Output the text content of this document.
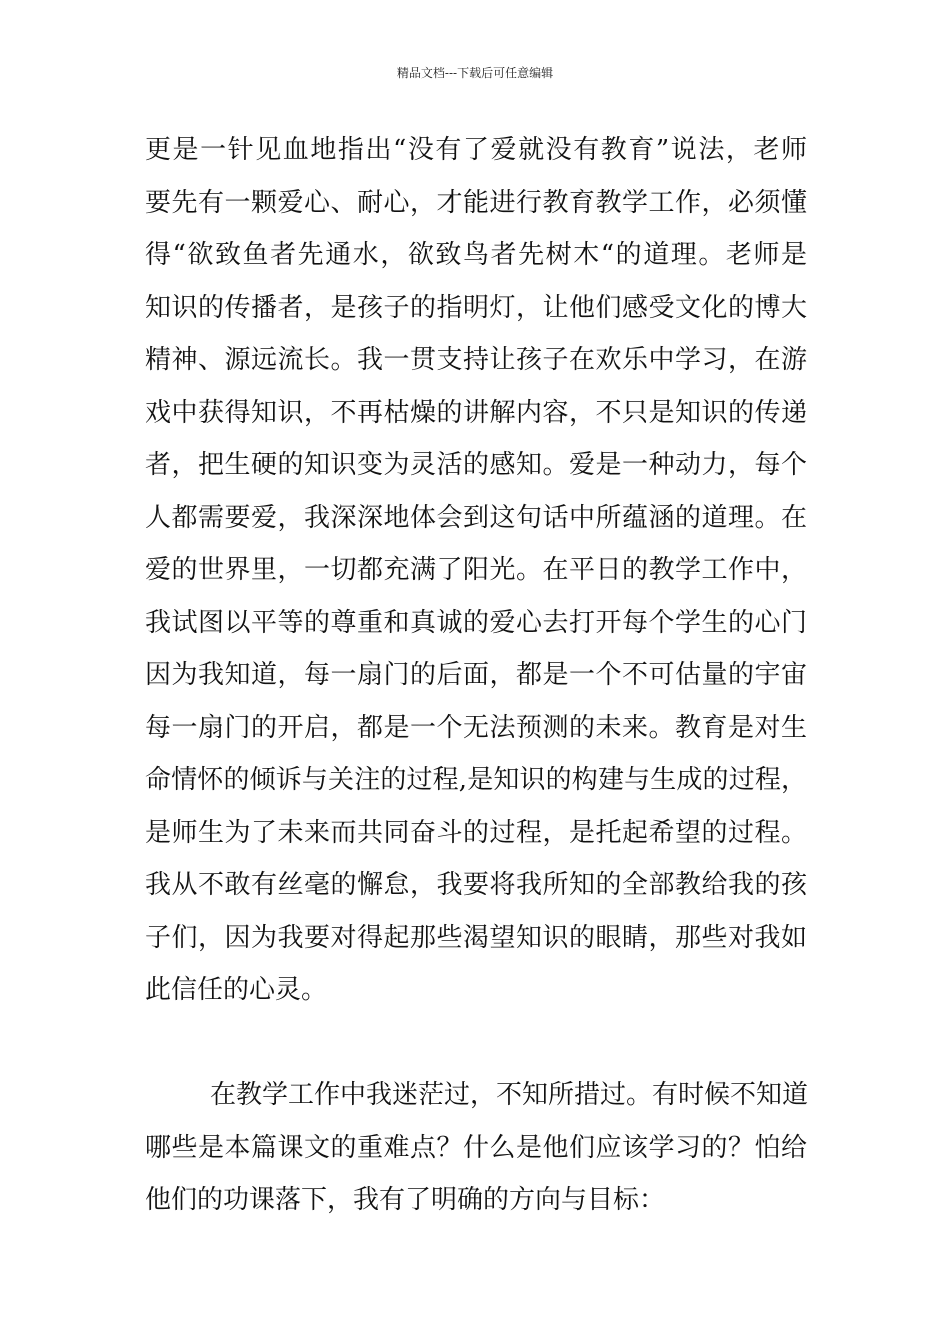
精品文档---下载后可任意编辑
更是一针见血地指出“没有了爱就没有教育”说法，老师
要先有一颗爱心、耐心，才能进行教育教学工作，必须懂
得“欲致鱼者先通水，欲致鸟者先树木“的道理。老师是
知识的传播者，是孩子的指明灯，让他们感受文化的博大
精神、源远流长。我一贯支持让孩子在欢乐中学习，在游
戏中获得知识，不再枯燥的讲解内容，不只是知识的传递
者，把生硬的知识变为灵活的感知。爱是一种动力，每个
人都需要爱，我深深地体会到这句话中所蕴涵的道理。在
爱的世界里，一切都充满了阳光。在平日的教学工作中，
我试图以平等的尊重和真诚的爱心去打开每个学生的心门
因为我知道，每一扇门的后面，都是一个不可估量的宇宙
每一扇门的开启，都是一个无法预测的未来。教育是对生
命情怀的倾诉与关注的过程,是知识的构建与生成的过程，
是师生为了未来而共同奋斗的过程，是托起希望的过程。
我从不敢有丝毫的懈怠，我要将我所知的全部教给我的孩
子们，因为我要对得起那些渴望知识的眼睛，那些对我如
此信任的心灵。
在教学工作中我迷茫过，不知所措过。有时候不知道
哪些是本篇课文的重难点？什么是他们应该学习的？怕给
他们的功课落下，我有了明确的方向与目标：
